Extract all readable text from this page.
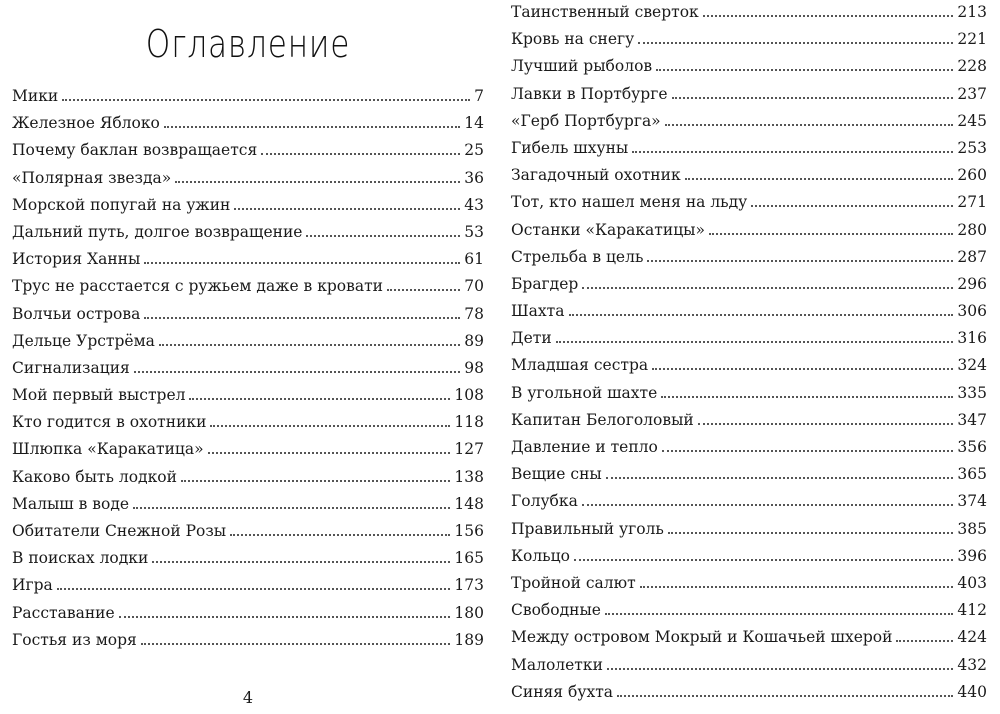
Оглавление
Мики	7
Железное Яблоко	14
Почему баклан возвращается	25
«Полярная звезда»	36
Морской попугай на ужин	43
Дальний путь, долгое возвращение	53
История Ханны	61
Трус не расстается с ружьем даже в кровати	70
Волчьи острова	78
Дельце Урстрёма	89
Сигнализация	98
Мой первый выстрел	108
Кто годится в охотники	118
Шлюпка «Каракатица»	127
Каково быть лодкой	138
Малыш в воде	148
Обитатели Снежной Розы	156
В поисках лодки	165
Игра	173
Расставание	180
Гостья из моря	189
4
Таинственный сверток	213
Кровь на снегу	221
Лучший рыболов	228
Лавки в Портбурге	237
«Герб Портбурга»	245
Гибель шхуны	253
Загадочный охотник	260
Тот, кто нашел меня на льду	271
Останки «Каракатицы»	280
Стрельба в цель	287
Брагдер	296
Шахта	306
Дети	316
Младшая сестра	324
В угольной шахте	335
Капитан Белоголовый	347
Давление и тепло	356
Вещие сны	365
Голубка	374
Правильный уголь	385
Кольцо	396
Тройной салют	403
Свободные	412
Между островом Мокрый и Кошачьей шхерой	424
Малолетки	432
Синяя бухта	440
